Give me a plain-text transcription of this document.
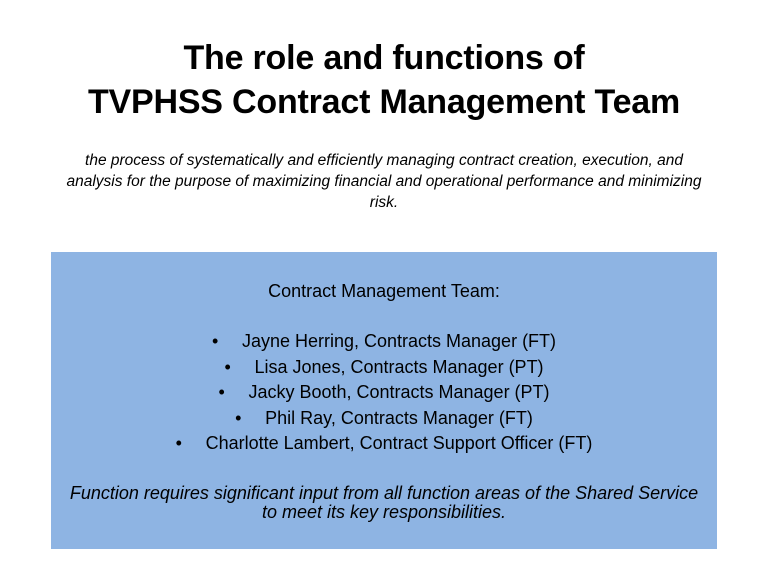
The role and functions of
TVPHSS Contract Management Team
the process of systematically and efficiently managing contract creation, execution, and analysis for the purpose of maximizing financial and operational performance and minimizing risk.
Contract Management Team:
• Jayne Herring, Contracts Manager (FT)
• Lisa Jones, Contracts Manager (PT)
• Jacky Booth, Contracts Manager (PT)
• Phil Ray, Contracts Manager (FT)
• Charlotte Lambert, Contract Support Officer (FT)
Function requires significant input from all function areas of the Shared Service to meet its key responsibilities.
